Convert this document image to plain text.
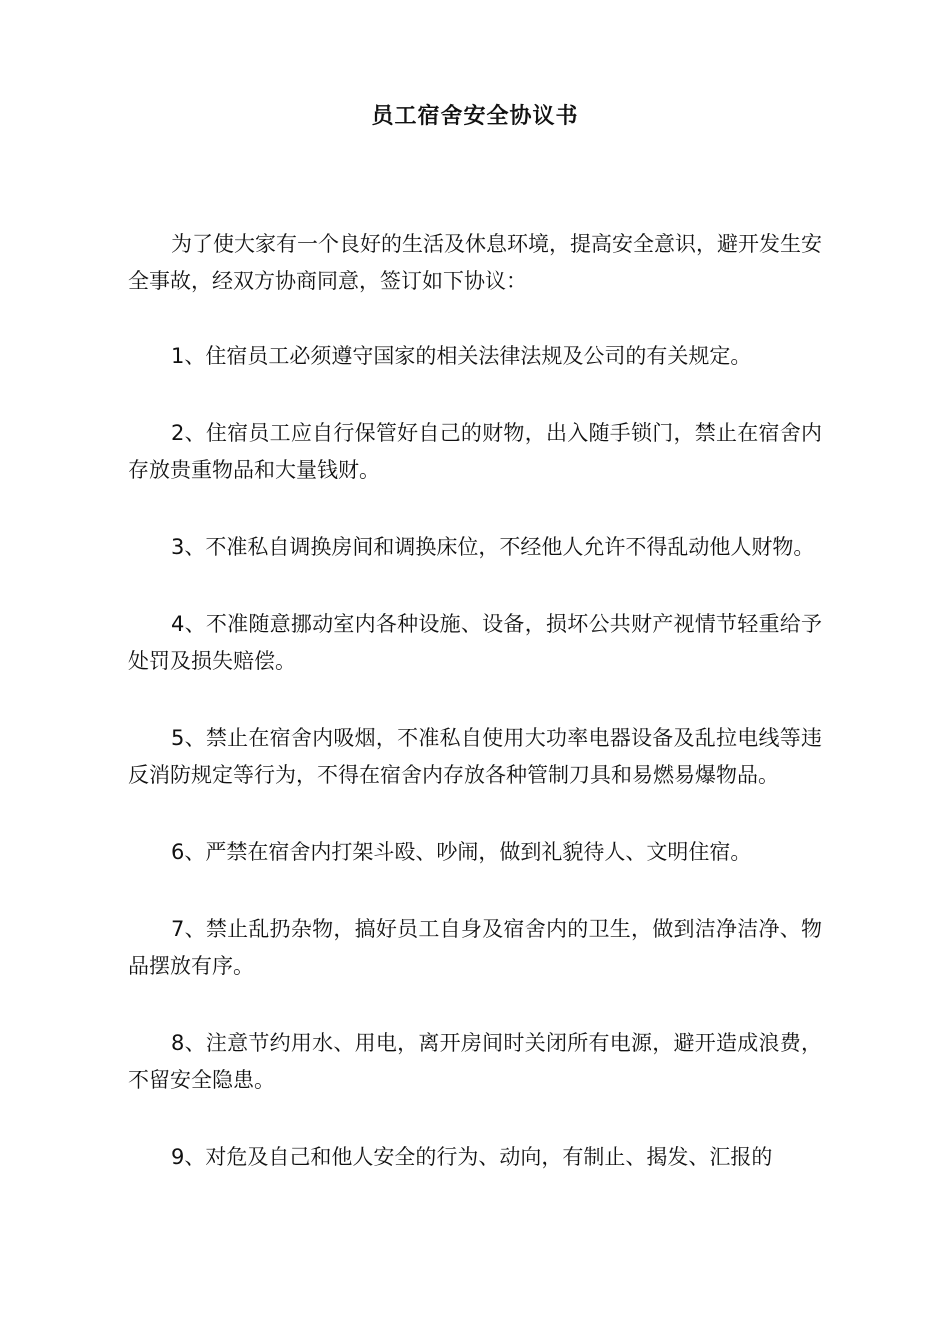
员工宿舍安全协议书

为了使大家有一个良好的生活及休息环境，提高安全意识，避开发生安全事故，经双方协商同意，签订如下协议：

1、住宿员工必须遵守国家的相关法律法规及公司的有关规定。

2、住宿员工应自行保管好自己的财物，出入随手锁门，禁止在宿舍内存放贵重物品和大量钱财。

3、不准私自调换房间和调换床位，不经他人允许不得乱动他人财物。

4、不准随意挪动室内各种设施、设备，损坏公共财产视情节轻重给予处罚及损失赔偿。

5、禁止在宿舍内吸烟，不准私自使用大功率电器设备及乱拉电线等违反消防规定等行为，不得在宿舍内存放各种管制刀具和易燃易爆物品。

6、严禁在宿舍内打架斗殴、吵闹，做到礼貌待人、文明住宿。

7、禁止乱扔杂物，搞好员工自身及宿舍内的卫生，做到洁净洁净、物品摆放有序。

8、注意节约用水、用电，离开房间时关闭所有电源，避开造成浪费，不留安全隐患。

9、对危及自己和他人安全的行为、动向，有制止、揭发、汇报的
